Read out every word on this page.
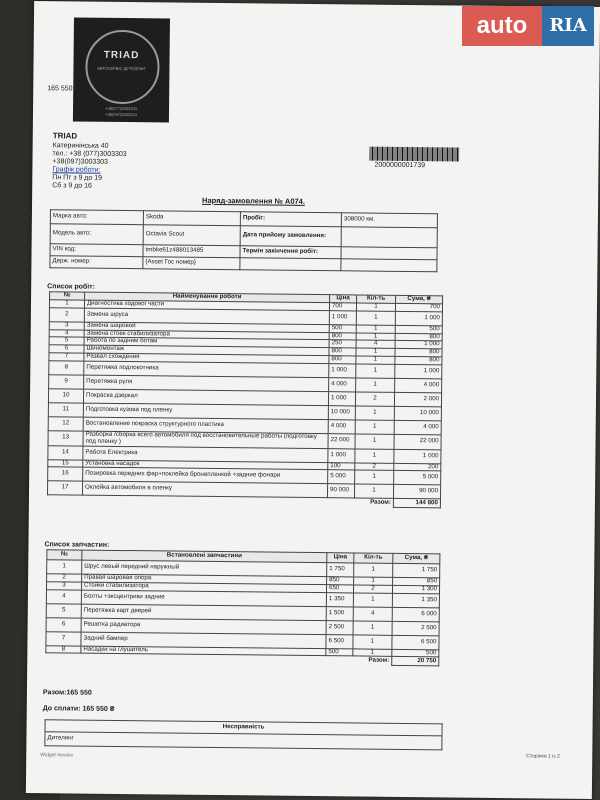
165 550
TRIAD
АВТОСЕРВІС ДЕТЕЙЛІНГ
+38(077)3003303
+38(097)3003303
TRIAD
Катеринінська 40
тел.: +38 (077)3003303
+38(097)3003303
Графік роботи:
Пн Пт з 9 до 19
Сб з 9 до 16
2000000001739
Наряд-замовлення № A074.
Марка авто:	Skoda	Пробіг:	308000 км.
Модель авто:	Octavia Scout	Дата прийому замовлення:	
VIN код:	tmbke61z488013485	Термін закінчення робіт:	
Держ. номер:	{Asset Гос номер}		
Список робіт:
№	Найменування роботи	Ціна	Кіл-ть	Сума, ₴
1	Диагностика ходової части	700	1	700
2	Замена шруса	1 000	1	1 000
3	Замена шаровой	500	1	500
4	Замена стоек стабилизатора	800	1	800
5	Работа по задним ботам	250	4	1 000
6	Шиномонтаж	800	1	800
7	Развал схождения	800	1	800
8	Перетяжка подлокотника	1 000	1	1 000
9	Перетяжка руля	4 000	1	4 000
10	Покраска дзеркал	1 000	2	2 000
11	Подготовка кузова под пленку	10 000	1	10 000
12	Востановление покраска структурного пластика	4 000	1	4 000
13	Разборка /сборка всего автомобиля под восстановительные работы (подготовку под пленку )	22 000	1	22 000
14	Работа Електрика	1 000	1	1 000
15	Установка насадок	100	2	200
16	Позировка передних фар+поклейка бронепленкой +задние фонари	5 000	1	5 000
17	Оклейка автомобиля в пленку	90 000	1	90 000
			Разом:	144 800
Список запчастин:
№	Встановлені запчастини	Ціна	Кіл-ть	Сума, ₴
1	Шрус левый передний наружный	1 750	1	1 750
2	Правая шаровая опора	850	1	850
3	Стойки стабилизатора	650	2	1 300
4	Болты +эксцентрики задние	1 350	1	1 350
5	Перетяжка карт дверей	1 500	4	6 000
6	Решетка радиатора	2 500	1	2 500
7	Задний бампер	6 500	1	6 500
8	Насадки на глушитель	500	1	500
			Разом:	20 750
Разом:165 550
До сплати: 165 550 ₴
Несправність
Дителинг
Widget Invoice	Сторінка 1 із 2
auto	RIA
